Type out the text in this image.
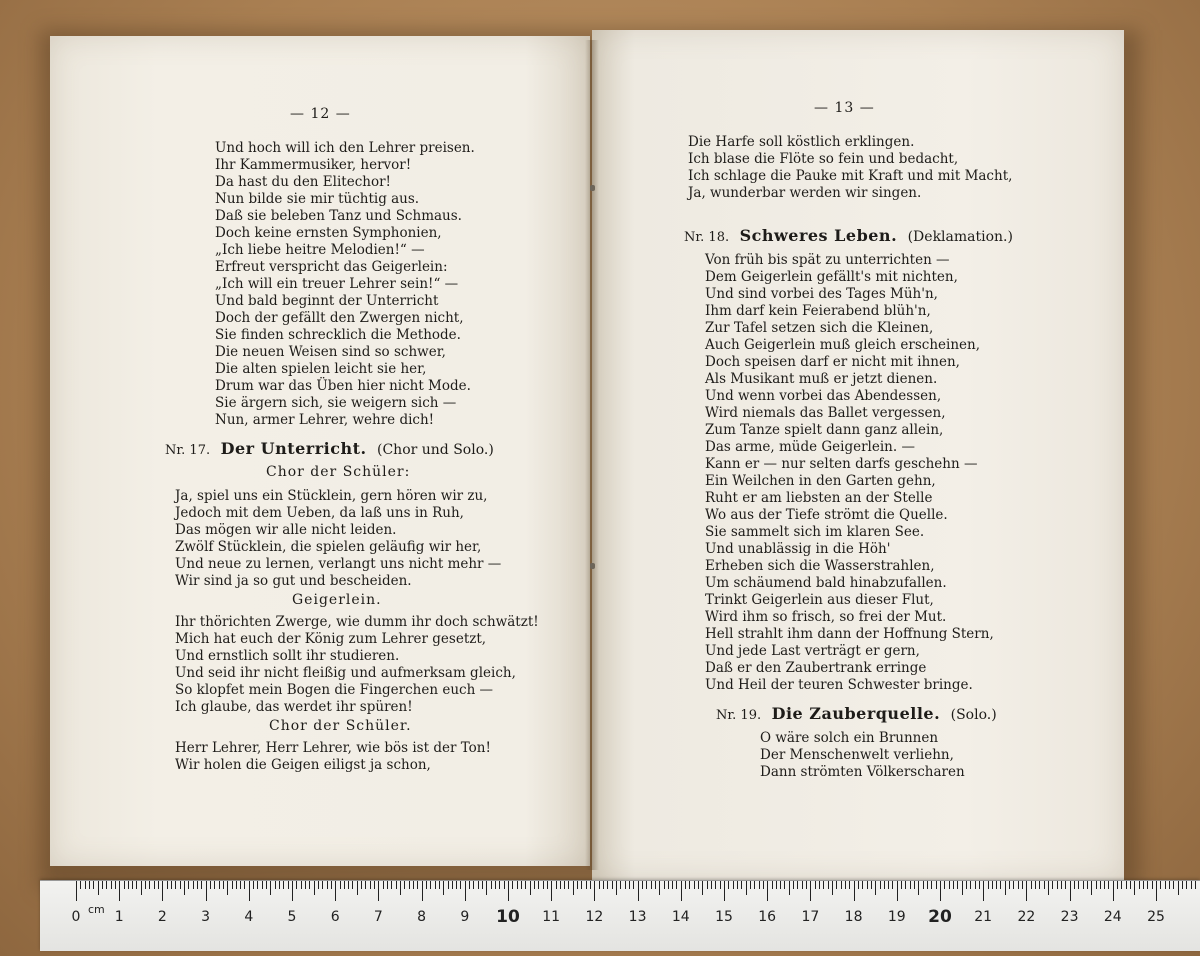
— 12 —
Und hoch will ich den Lehrer preisen.
Ihr Kammermusiker, hervor!
Da hast du den Elitechor!
Nun bilde sie mir tüchtig aus.
Daß sie beleben Tanz und Schmaus.
Doch keine ernsten Symphonien,
„Ich liebe heitre Melodien!“ —
Erfreut verspricht das Geigerlein:
„Ich will ein treuer Lehrer sein!“ —
Und bald beginnt der Unterricht
Doch der gefällt den Zwergen nicht,
Sie finden schrecklich die Methode.
Die neuen Weisen sind so schwer,
Die alten spielen leicht sie her,
Drum war das Üben hier nicht Mode.
Sie ärgern sich, sie weigern sich —
Nun, armer Lehrer, wehre dich!
Nr. 17. Der Unterricht. (Chor und Solo.)
Chor der Schüler:
Ja, spiel uns ein Stücklein, gern hören wir zu,
Jedoch mit dem Ueben, da laß uns in Ruh,
Das mögen wir alle nicht leiden.
Zwölf Stücklein, die spielen geläufig wir her,
Und neue zu lernen, verlangt uns nicht mehr —
Wir sind ja so gut und bescheiden.
Geigerlein.
Ihr thörichten Zwerge, wie dumm ihr doch schwätzt!
Mich hat euch der König zum Lehrer gesetzt,
Und ernstlich sollt ihr studieren.
Und seid ihr nicht fleißig und aufmerksam gleich,
So klopfet mein Bogen die Fingerchen euch —
Ich glaube, das werdet ihr spüren!
Chor der Schüler.
Herr Lehrer, Herr Lehrer, wie bös ist der Ton!
Wir holen die Geigen eiligst ja schon,
— 13 —
Die Harfe soll köstlich erklingen.
Ich blase die Flöte so fein und bedacht,
Ich schlage die Pauke mit Kraft und mit Macht,
Ja, wunderbar werden wir singen.
Nr. 18. Schweres Leben. (Deklamation.)
Von früh bis spät zu unterrichten —
Dem Geigerlein gefällt's mit nichten,
Und sind vorbei des Tages Müh'n,
Ihm darf kein Feierabend blüh'n,
Zur Tafel setzen sich die Kleinen,
Auch Geigerlein muß gleich erscheinen,
Doch speisen darf er nicht mit ihnen,
Als Musikant muß er jetzt dienen.
Und wenn vorbei das Abendessen,
Wird niemals das Ballet vergessen,
Zum Tanze spielt dann ganz allein,
Das arme, müde Geigerlein. —
Kann er — nur selten darfs geschehn —
Ein Weilchen in den Garten gehn,
Ruht er am liebsten an der Stelle
Wo aus der Tiefe strömt die Quelle.
Sie sammelt sich im klaren See.
Und unablässig in die Höh'
Erheben sich die Wasserstrahlen,
Um schäumend bald hinabzufallen.
Trinkt Geigerlein aus dieser Flut,
Wird ihm so frisch, so frei der Mut.
Hell strahlt ihm dann der Hoffnung Stern,
Und jede Last verträgt er gern,
Daß er den Zaubertrank erringe
Und Heil der teuren Schwester bringe.
Nr. 19. Die Zauberquelle. (Solo.)
O wäre solch ein Brunnen
Der Menschenwelt verliehn,
Dann strömten Völkerscharen
cm
0 1 2 3 4 5 6 7 8 9 10 11 12 13 14 15 16 17 18 19 20 21 22 23 24 25
